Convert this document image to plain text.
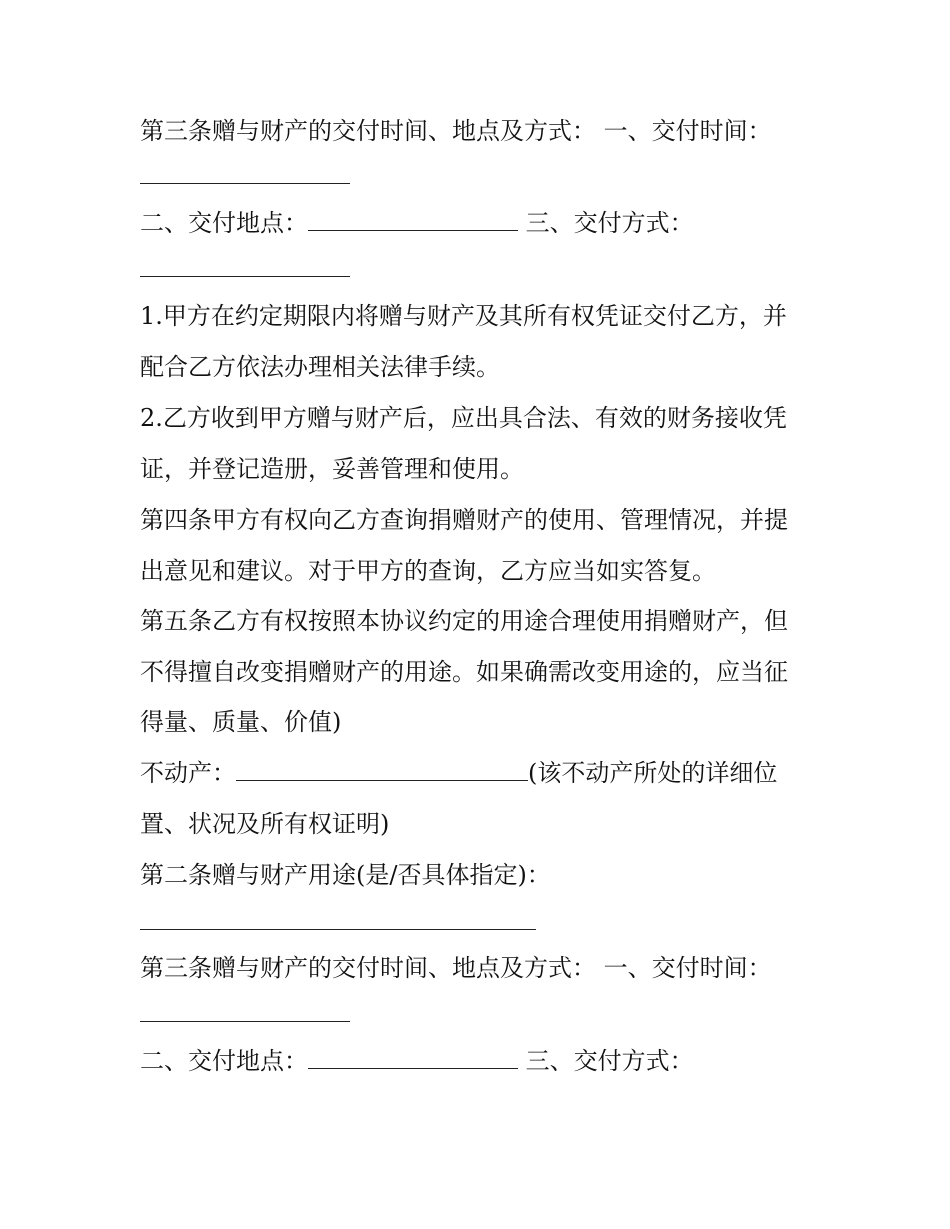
第三条赠与财产的交付时间、地点及方式： 一、交付时间：
二、交付地点：	三、交付方式：
1.甲方在约定期限内将赠与财产及其所有权凭证交付乙方，并
配合乙方依法办理相关法律手续。
2.乙方收到甲方赠与财产后，应出具合法、有效的财务接收凭
证，并登记造册，妥善管理和使用。
第四条甲方有权向乙方查询捐赠财产的使用、管理情况，并提
出意见和建议。对于甲方的查询，乙方应当如实答复。
第五条乙方有权按照本协议约定的用途合理使用捐赠财产，但
不得擅自改变捐赠财产的用途。如果确需改变用途的，应当征
得量、质量、价值)
不动产：	(该不动产所处的详细位
置、状况及所有权证明)
第二条赠与财产用途(是/否具体指定)：
第三条赠与财产的交付时间、地点及方式： 一、交付时间：
二、交付地点：	三、交付方式：
